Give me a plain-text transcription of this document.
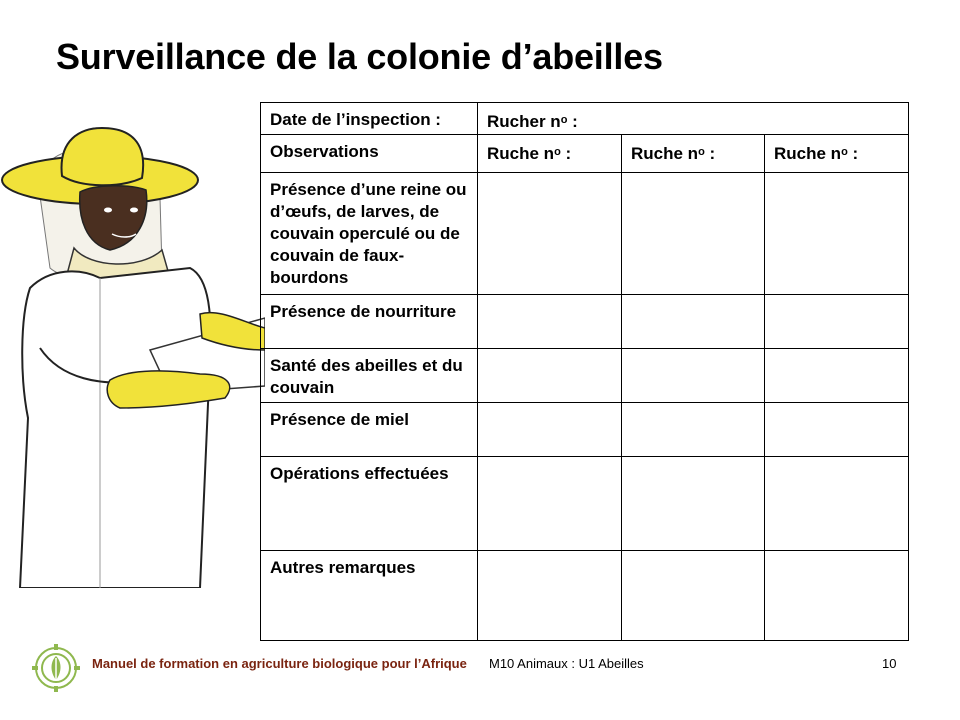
Surveillance de la colonie d’abeilles
Date de l’inspection :	Rucher $n^o$ :		
Observations	Ruche $n^o$ :	Ruche $n^o$ :	Ruche $n^o$ :
Présence d’une reine ou d’œufs, de larves, de couvain operculé ou de couvain de faux-bourdons			
Présence de nourriture			
Santé des abeilles et du couvain			
Présence de miel			
Opérations effectuées			
Autres remarques			
Manuel de formation en agriculture biologique pour l’Afrique M10 Animaux : U1 Abeilles	10
